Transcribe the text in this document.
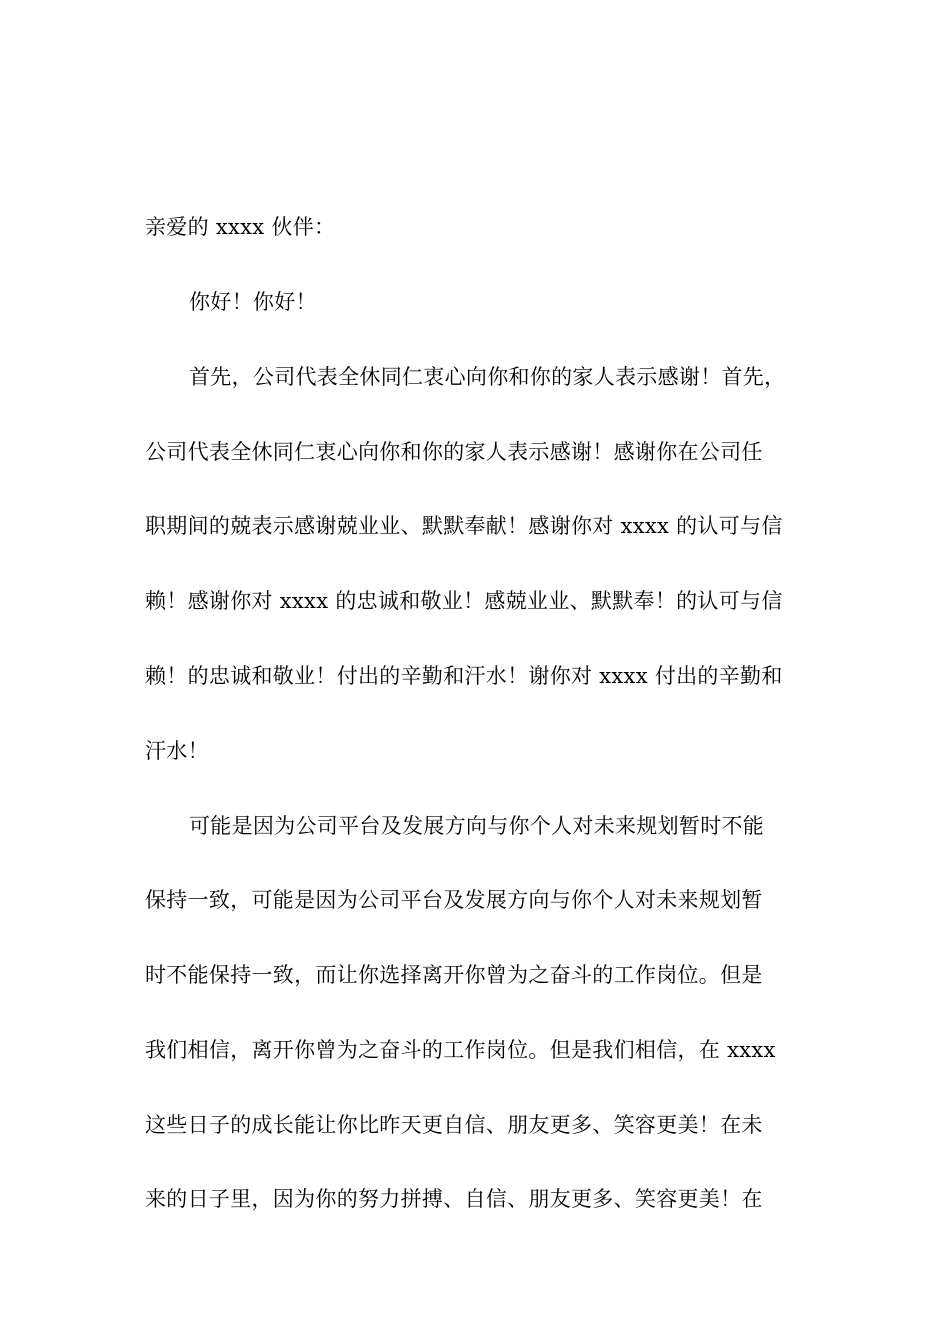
亲爱的 xxxx 伙伴：
你好！你好！
首先，公司代表全休同仁衷心向你和你的家人表示感谢！首先，
公司代表全休同仁衷心向你和你的家人表示感谢！感谢你在公司任
职期间的兢表示感谢兢业业、默默奉献！感谢你对 xxxx 的认可与信
赖！感谢你对 xxxx 的忠诚和敬业！感兢业业、默默奉！的认可与信
赖！的忠诚和敬业！付出的辛勤和汗水！谢你对 xxxx 付出的辛勤和
汗水！
可能是因为公司平台及发展方向与你个人对未来规划暂时不能
保持一致，可能是因为公司平台及发展方向与你个人对未来规划暂
时不能保持一致，而让你选择离开你曾为之奋斗的工作岗位。但是
我们相信，离开你曾为之奋斗的工作岗位。但是我们相信，在 xxxx
这些日子的成长能让你比昨天更自信、朋友更多、笑容更美！在未
来的日子里，因为你的努力拼搏、自信、朋友更多、笑容更美！在
